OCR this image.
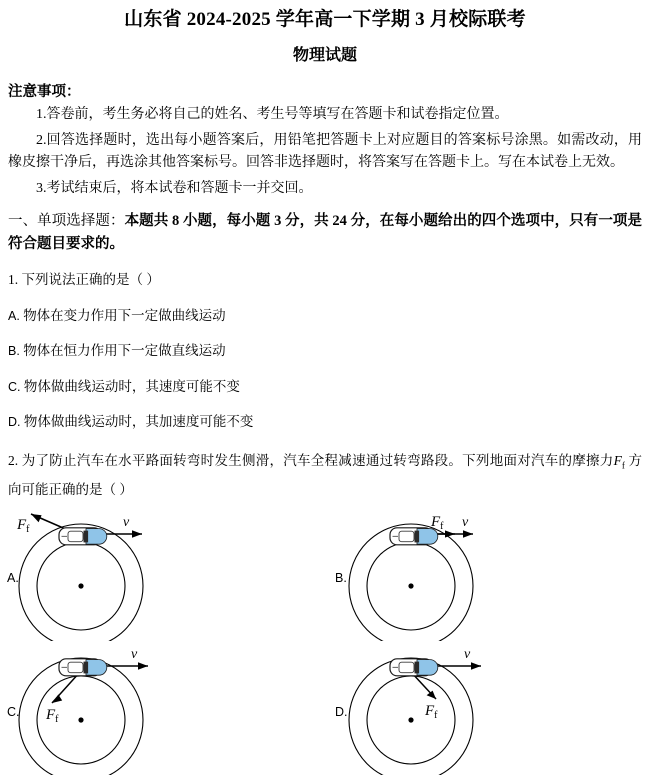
山东省 2024-2025 学年高一下学期 3 月校际联考
物理试题
注意事项：
1.答卷前，考生务必将自己的姓名、考生号等填写在答题卡和试卷指定位置。
2.回答选择题时，选出每小题答案后，用铅笔把答题卡上对应题目的答案标号涂黑。如需改动，用橡皮擦干净后，再选涂其他答案标号。回答非选择题时，将答案写在答题卡上。写在本试卷上无效。
3.考试结束后，将本试卷和答题卡一并交回。
一、单项选择题：本题共 8 小题，每小题 3 分，共 24 分，在每小题给出的四个选项中，只有一项是符合题目要求的。
1. 下列说法正确的是（ ）
A. 物体在变力作用下一定做曲线运动
B. 物体在恒力作用下一定做直线运动
C. 物体做曲线运动时，其速度可能不变
D. 物体做曲线运动时，其加速度可能不变
2. 为了防止汽车在水平路面转弯时发生侧滑，汽车全程减速通过转弯路段。下列地面对汽车的摩擦力$F_f$ 方向可能正确的是（ ）
A.
v
$F_f$
B.
$F_f$ v
C.
v
$F_f$
D.
v
$F_f$
